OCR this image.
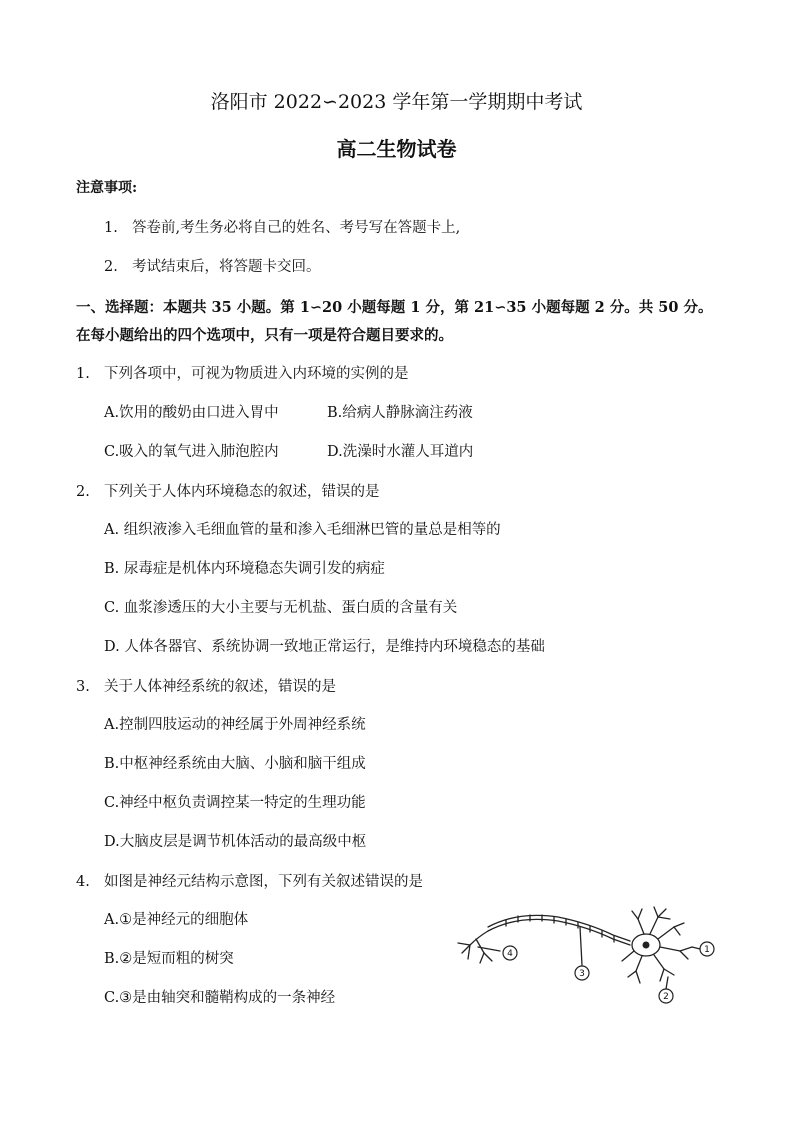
洛阳市 2022∽2023 学年第一学期期中考试
高二生物试卷
注意事项:
1. 答卷前,考生务必将自己的姓名、考号写在答题卡上,
2. 考试结束后，将答题卡交回。
一、选择题：本题共 35 小题。第 1∽20 小题每题 1 分，第 21∽35 小题每题 2 分。共 50 分。
在每小题给出的四个选项中，只有一项是符合题目要求的。
1. 下列各项中，可视为物质进入内环境的实例的是
A.饮用的酸奶由口进入胃中	B.给病人静脉滴注药液
C.吸入的氧气进入肺泡腔内	D.洗澡时水灌人耳道内
2. 下列关于人体内环境稳态的叙述，错误的是
A. 组织液渗入毛细血管的量和渗入毛细淋巴管的量总是相等的
B. 尿毒症是机体内环境稳态失调引发的病症
C. 血浆渗透压的大小主要与无机盐、蛋白质的含量有关
D. 人体各器官、系统协调一致地正常运行，是维持内环境稳态的基础
3. 关于人体神经系统的叙述，错误的是
A.控制四肢运动的神经属于外周神经系统
B.中枢神经系统由大脑、小脑和脑干组成
C.神经中枢负责调控某一特定的生理功能
D.大脑皮层是调节机体活动的最高级中枢
4. 如图是神经元结构示意图，下列有关叙述错误的是
A.①是神经元的细胞体
B.②是短而粗的树突
C.③是由轴突和髓鞘构成的一条神经
1
2
3
4
